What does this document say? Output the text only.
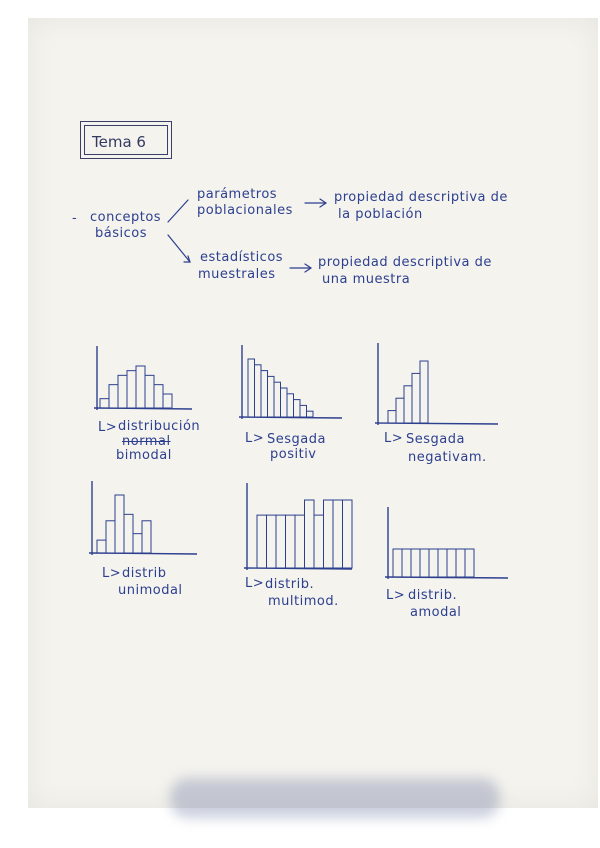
Tema 6
- conceptos
básicos
parámetros
poblacionales
propiedad descriptiva de
la población
estadísticos
muestrales
propiedad descriptiva de
una muestra
L> distribución
normal
bimodal
L> Sesgada
positiv
L> Sesgada
negativam.
L> distrib
unimodal	L> distrib.
multimod.	L> distrib.
amodal
